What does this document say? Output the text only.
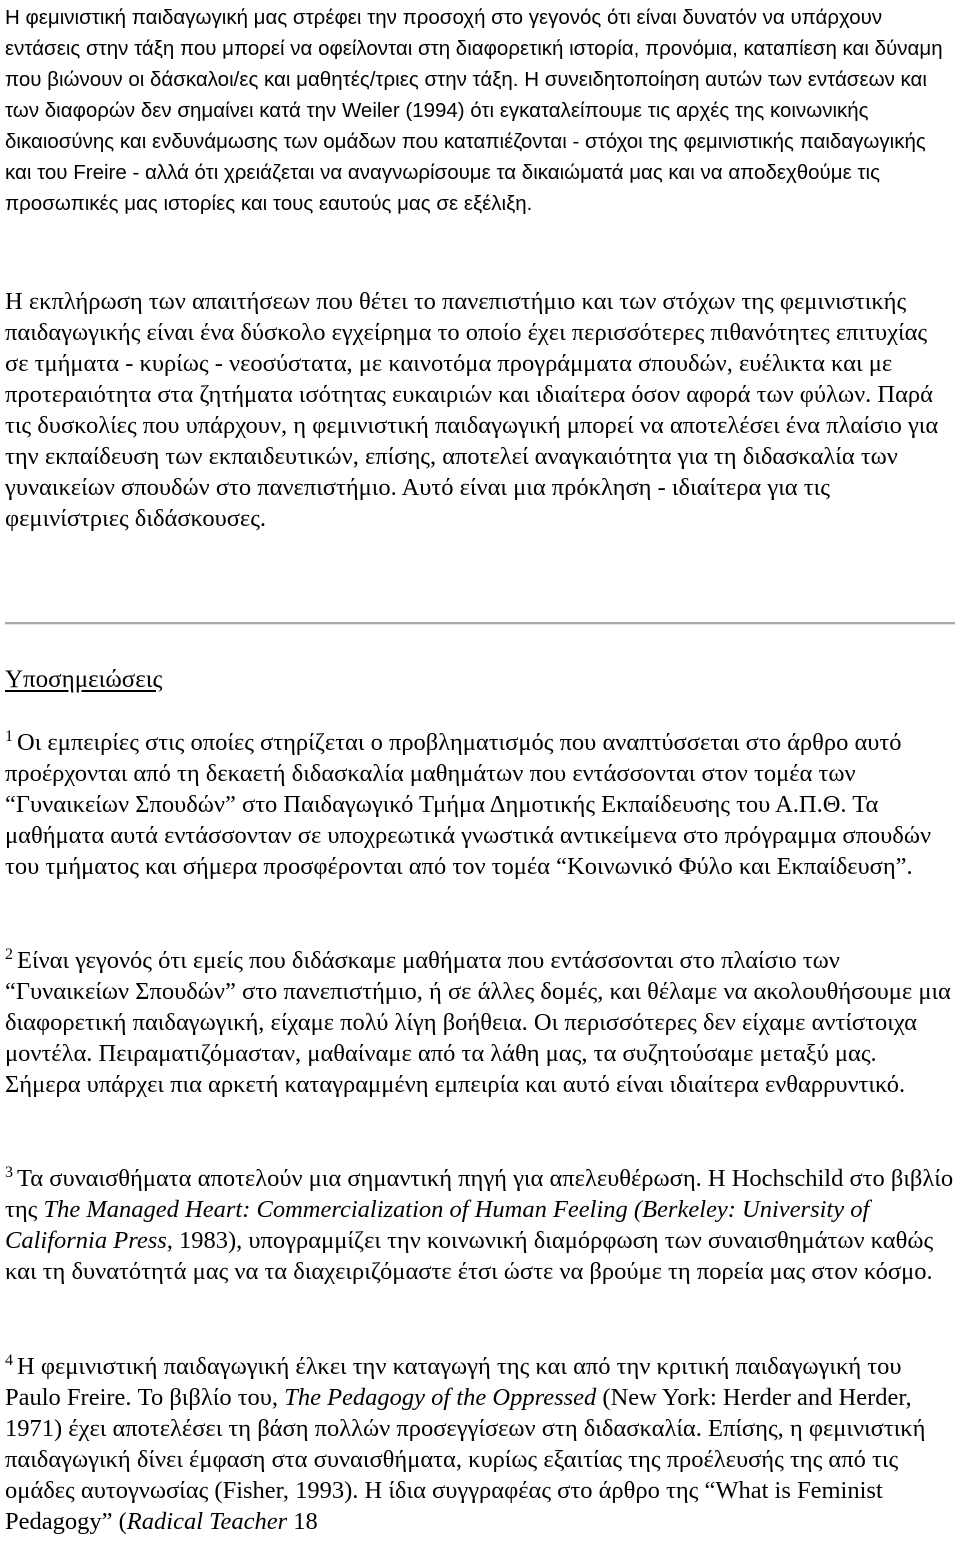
Η φεμινιστική παιδαγωγική μας στρέφει την προσοχή στο γεγονός ότι είναι δυνατόν να υπάρχουν εντάσεις στην τάξη που μπορεί να οφείλονται στη διαφορετική ιστορία, προνόμια, καταπίεση και δύναμη που βιώνουν οι δάσκαλοι/ες και μαθητές/τριες στην τάξη. Η συνειδητοποίηση αυτών των εντάσεων και των διαφορών δεν σημαίνει κατά την Weiler (1994) ότι εγκαταλείπουμε τις αρχές της κοινωνικής δικαιοσύνης και ενδυνάμωσης των ομάδων που καταπιέζονται - στόχοι της φεμινιστικής παιδαγωγικής και του Freire - αλλά ότι χρειάζεται να αναγνωρίσουμε τα δικαιώματά μας και να αποδεχθούμε τις προσωπικές μας ιστορίες και τους εαυτούς μας σε εξέλιξη.

Η εκπλήρωση των απαιτήσεων που θέτει το πανεπιστήμιο και των στόχων της φεμινιστικής παιδαγωγικής είναι ένα δύσκολο εγχείρημα το οποίο έχει περισσότερες πιθανότητες επιτυχίας σε τμήματα - κυρίως - νεοσύστατα, με καινοτόμα προγράμματα σπουδών, ευέλικτα και με προτεραιότητα στα ζητήματα ισότητας ευκαιριών και ιδιαίτερα όσον αφορά των φύλων. Παρά τις δυσκολίες που υπάρχουν, η φεμινιστική παιδαγωγική μπορεί να αποτελέσει ένα πλαίσιο για την εκπαίδευση των εκπαιδευτικών, επίσης, αποτελεί αναγκαιότητα για τη διδασκαλία των γυναικείων σπουδών στο πανεπιστήμιο. Αυτό είναι μια πρόκληση - ιδιαίτερα για τις φεμινίστριες διδάσκουσες.

Υποσημειώσεις

$^1$ Οι εμπειρίες στις οποίες στηρίζεται ο προβληματισμός που αναπτύσσεται στο άρθρο αυτό προέρχονται από τη δεκαετή διδασκαλία μαθημάτων που εντάσσονται στον τομέα των “Γυναικείων Σπουδών” στο Παιδαγωγικό Τμήμα Δημοτικής Εκπαίδευσης του Α.Π.Θ. Τα μαθήματα αυτά εντάσσονταν σε υποχρεωτικά γνωστικά αντικείμενα στο πρόγραμμα σπουδών του τμήματος και σήμερα προσφέρονται από τον τομέα “Κοινωνικό Φύλο και Εκπαίδευση”.

$^2$ Είναι γεγονός ότι εμείς που διδάσκαμε μαθήματα που εντάσσονται στο πλαίσιο των “Γυναικείων Σπουδών” στο πανεπιστήμιο, ή σε άλλες δομές, και θέλαμε να ακολουθήσουμε μια διαφορετική παιδαγωγική, είχαμε πολύ λίγη βοήθεια. Οι περισσότερες δεν είχαμε αντίστοιχα μοντέλα. Πειραματιζόμασταν, μαθαίναμε από τα λάθη μας, τα συζητούσαμε μεταξύ μας. Σήμερα υπάρχει πια αρκετή καταγραμμένη εμπειρία και αυτό είναι ιδιαίτερα ενθαρρυντικό.

$^3$ Τα συναισθήματα αποτελούν μια σημαντική πηγή για απελευθέρωση. Η Hochschild στο βιβλίο της The Managed Heart: Commercialization of Human Feeling (Berkeley: University of California Press, 1983), υπογραμμίζει την κοινωνική διαμόρφωση των συναισθημάτων καθώς και τη δυνατότητά μας να τα διαχειριζόμαστε έτσι ώστε να βρούμε τη πορεία μας στον κόσμο.

$^4$ Η φεμινιστική παιδαγωγική έλκει την καταγωγή της και από την κριτική παιδαγωγική του Paulo Freire. Το βιβλίο του, The Pedagogy of the Oppressed (New York: Herder and Herder, 1971) έχει αποτελέσει τη βάση πολλών προσεγγίσεων στη διδασκαλία. Επίσης, η φεμινιστική παιδαγωγική δίνει έμφαση στα συναισθήματα, κυρίως εξαιτίας της προέλευσής της από τις ομάδες αυτογνωσίας (Fisher, 1993). Η ίδια συγγραφέας στο άρθρο της “What is Feminist Pedagogy” (Radical Teacher 18
